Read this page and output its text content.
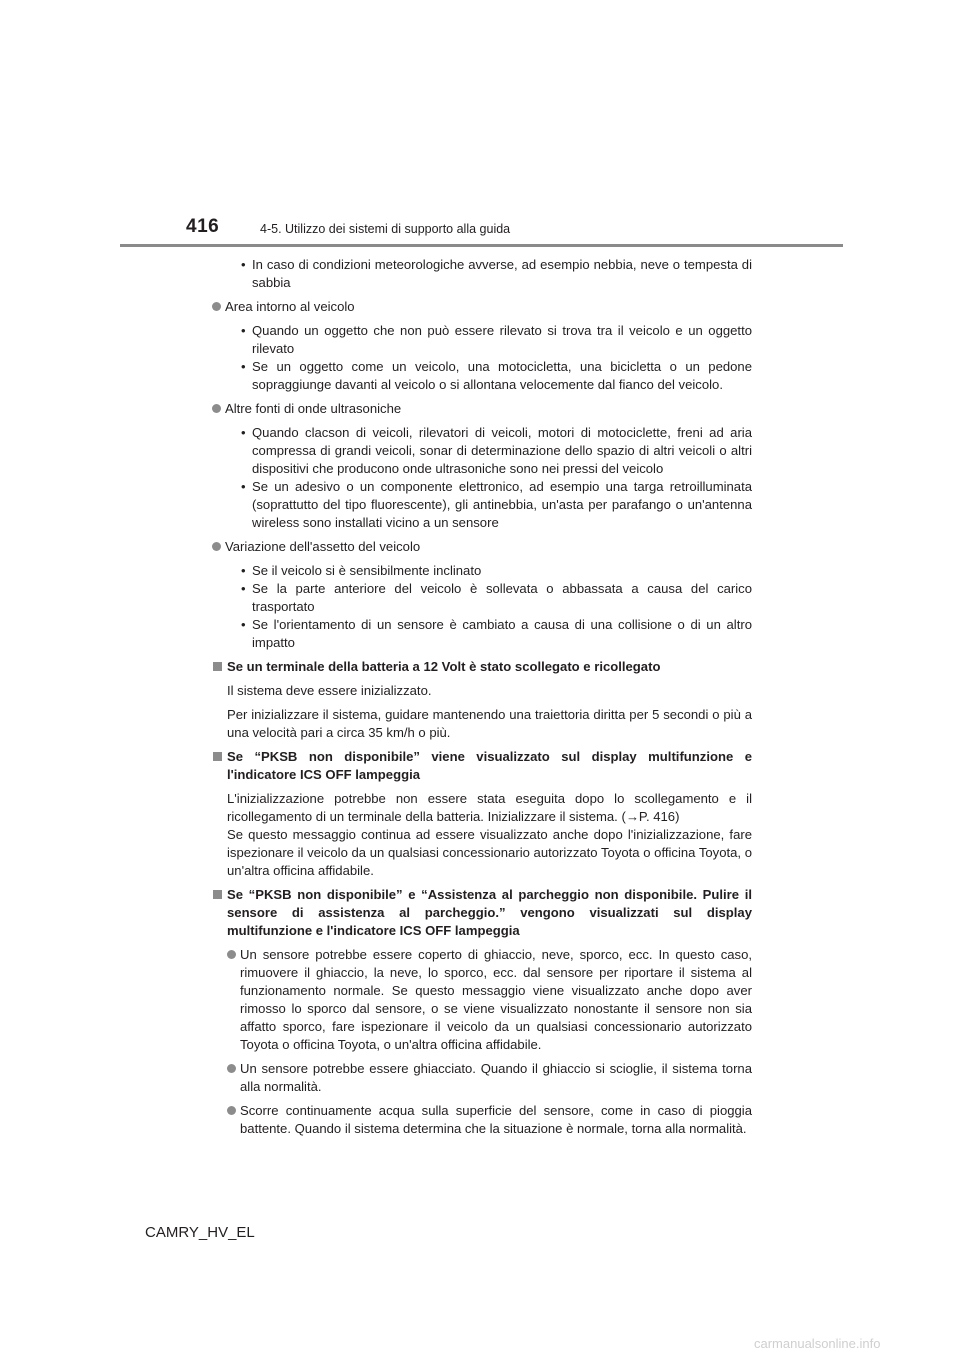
416	4-5. Utilizzo dei sistemi di supporto alla guida
• In caso di condizioni meteorologiche avverse, ad esempio nebbia, neve o tempesta di sabbia
Area intorno al veicolo
• Quando un oggetto che non può essere rilevato si trova tra il veicolo e un oggetto rilevato
• Se un oggetto come un veicolo, una motocicletta, una bicicletta o un pedone sopraggiunge davanti al veicolo o si allontana velocemente dal fianco del veicolo.
Altre fonti di onde ultrasoniche
• Quando clacson di veicoli, rilevatori di veicoli, motori di motociclette, freni ad aria compressa di grandi veicoli, sonar di determinazione dello spazio di altri veicoli o altri dispositivi che producono onde ultrasoniche sono nei pressi del veicolo
• Se un adesivo o un componente elettronico, ad esempio una targa retroilluminata (soprattutto del tipo fluorescente), gli antinebbia, un'asta per parafango o un'antenna wireless sono installati vicino a un sensore
Variazione dell'assetto del veicolo
• Se il veicolo si è sensibilmente inclinato
• Se la parte anteriore del veicolo è sollevata o abbassata a causa del carico trasportato
• Se l'orientamento di un sensore è cambiato a causa di una collisione o di un altro impatto
Se un terminale della batteria a 12 Volt è stato scollegato e ricollegato
Il sistema deve essere inizializzato.
Per inizializzare il sistema, guidare mantenendo una traiettoria diritta per 5 secondi o più a una velocità pari a circa 35 km/h o più.
Se “PKSB non disponibile” viene visualizzato sul display multifunzione e l'indicatore ICS OFF lampeggia
L'inizializzazione potrebbe non essere stata eseguita dopo lo scollegamento e il ricollegamento di un terminale della batteria. Inizializzare il sistema. (→P. 416)
Se questo messaggio continua ad essere visualizzato anche dopo l'inizializzazione, fare ispezionare il veicolo da un qualsiasi concessionario autorizzato Toyota o officina Toyota, o un'altra officina affidabile.
Se “PKSB non disponibile” e “Assistenza al parcheggio non disponibile. Pulire il sensore di assistenza al parcheggio.” vengono visualizzati sul display multifunzione e l'indicatore ICS OFF lampeggia
Un sensore potrebbe essere coperto di ghiaccio, neve, sporco, ecc. In questo caso, rimuovere il ghiaccio, la neve, lo sporco, ecc. dal sensore per riportare il sistema al funzionamento normale. Se questo messaggio viene visualizzato anche dopo aver rimosso lo sporco dal sensore, o se viene visualizzato nonostante il sensore non sia affatto sporco, fare ispezionare il veicolo da un qualsiasi concessionario autorizzato Toyota o officina Toyota, o un'altra officina affidabile.
Un sensore potrebbe essere ghiacciato. Quando il ghiaccio si scioglie, il sistema torna alla normalità.
Scorre continuamente acqua sulla superficie del sensore, come in caso di pioggia battente. Quando il sistema determina che la situazione è normale, torna alla normalità.
CAMRY_HV_EL
carmanualsonline.info
